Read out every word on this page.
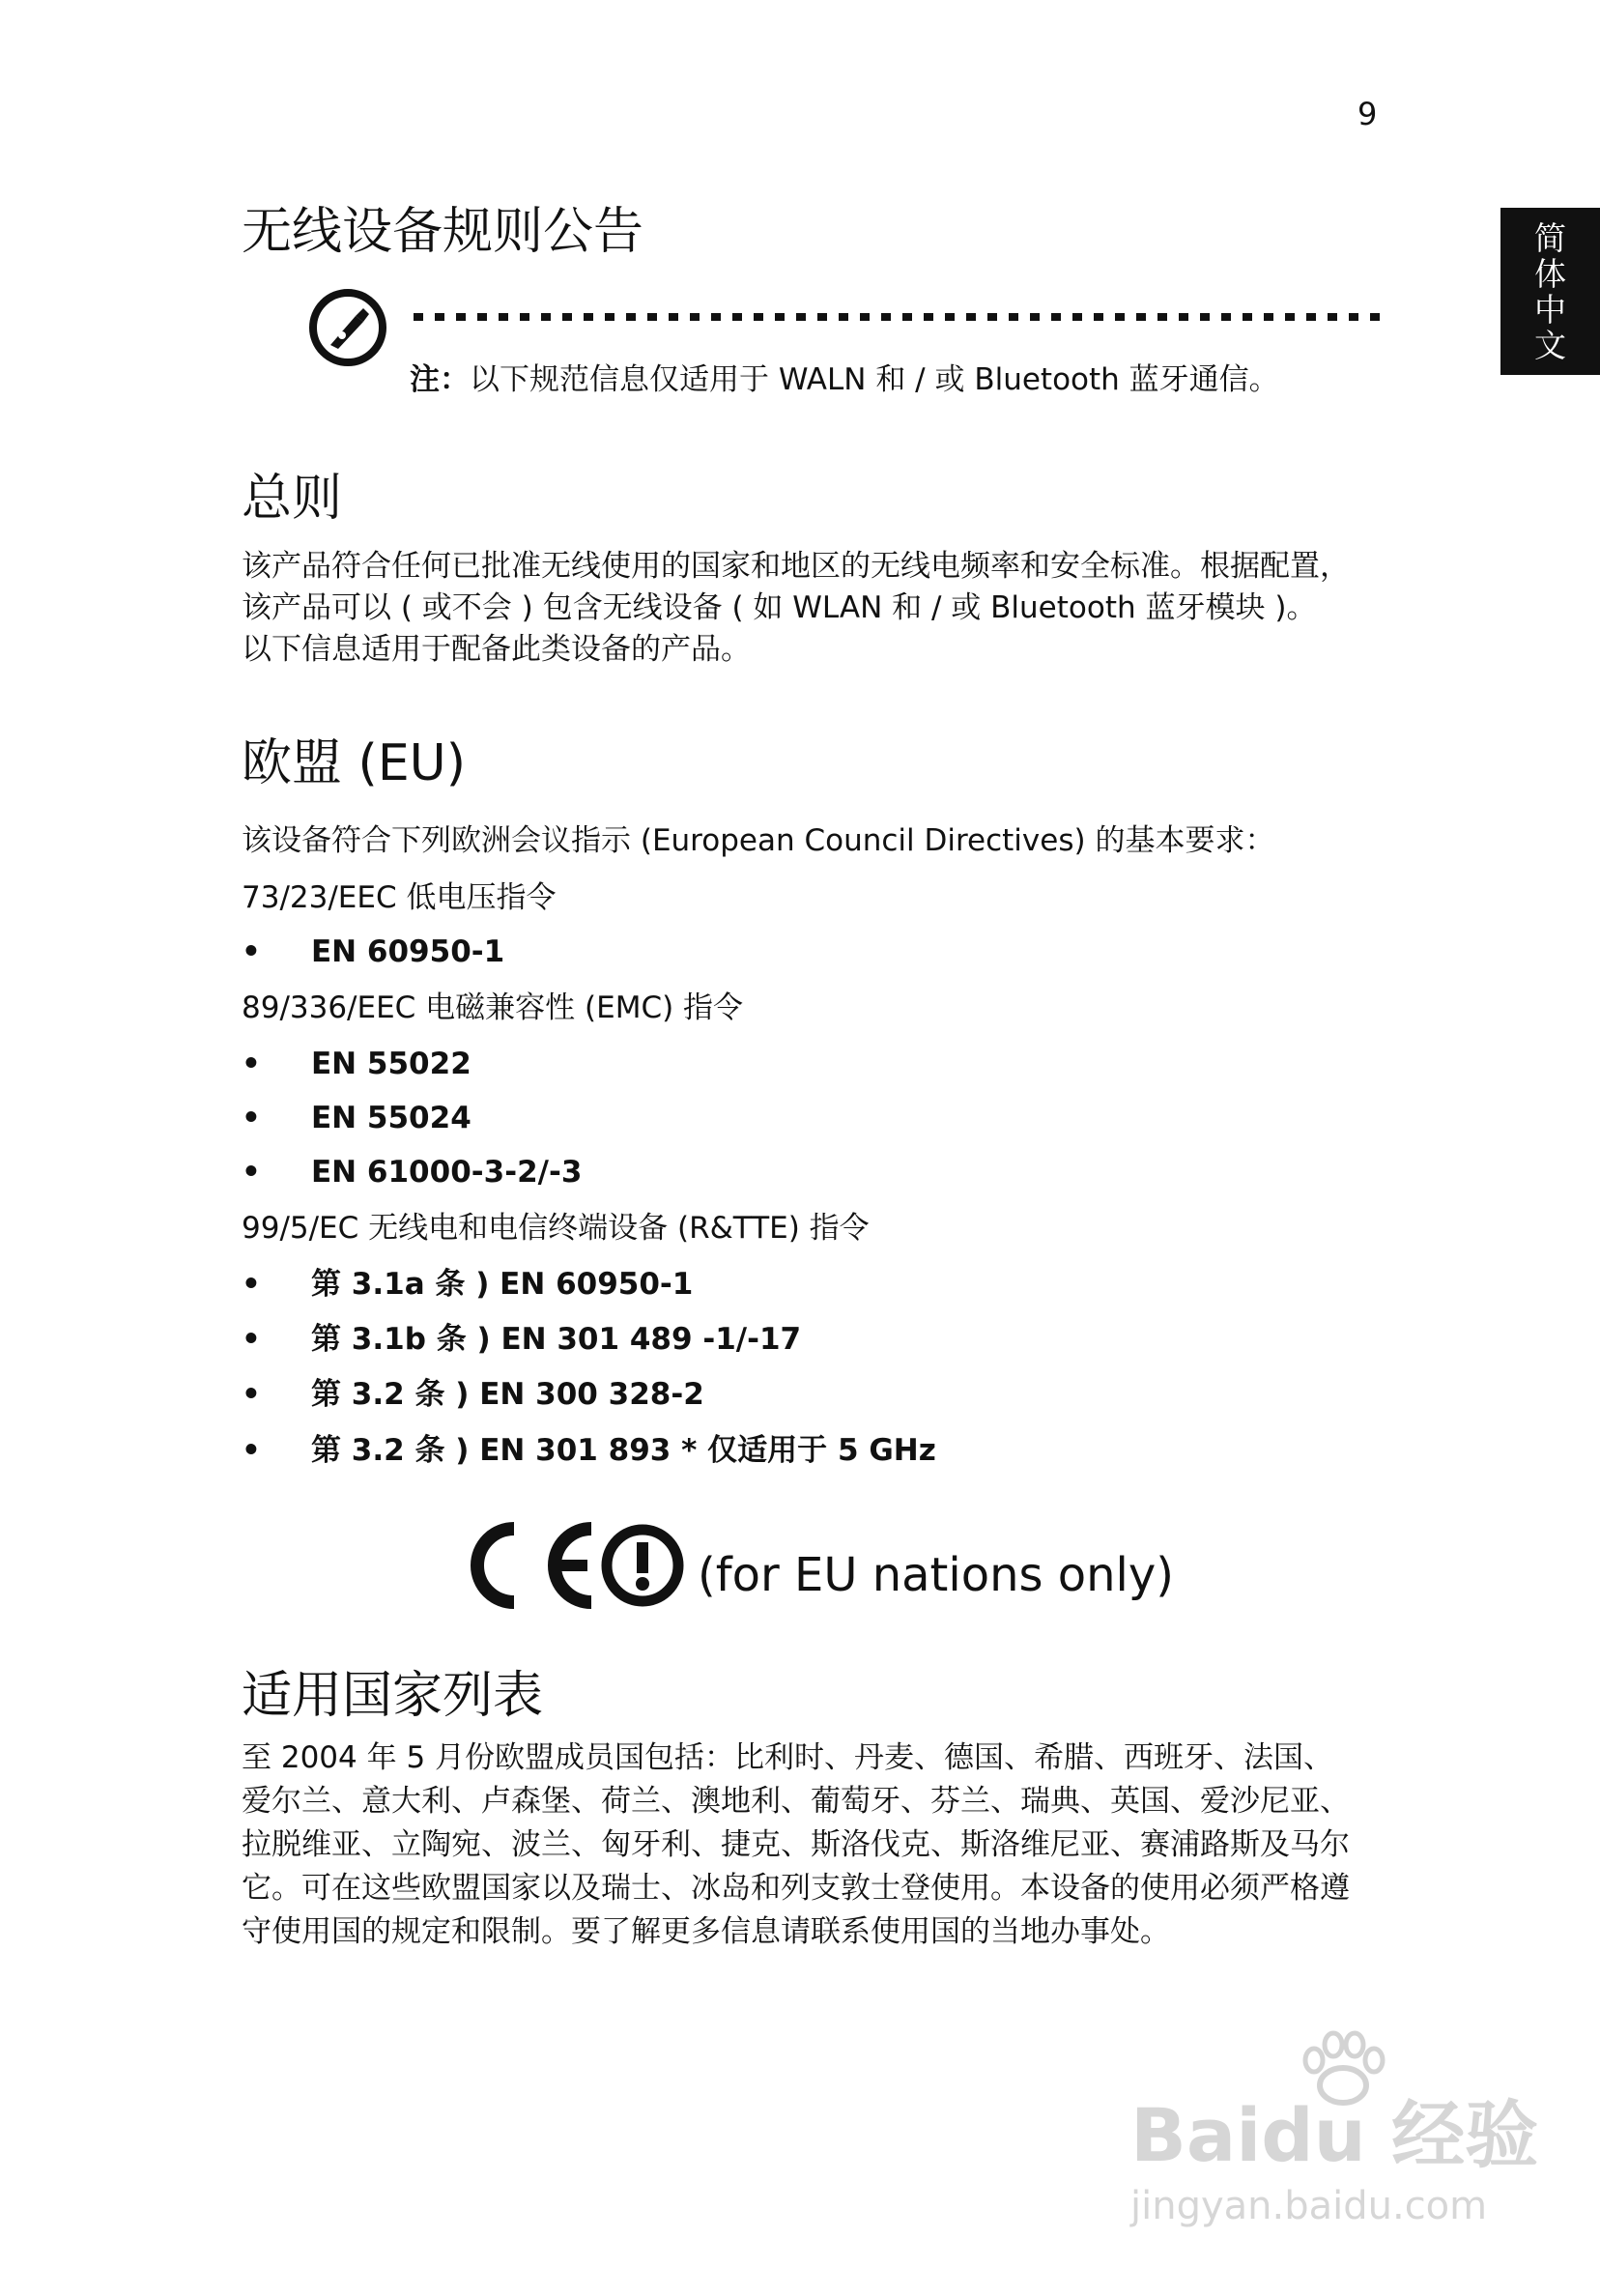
9
简
体
中
文
无线设备规则公告
注：以下规范信息仅适用于 WALN 和 / 或 Bluetooth 蓝牙通信。
总则
该产品符合任何已批准无线使用的国家和地区的无线电频率和安全标准。根据配置，
该产品可以 ( 或不会 ) 包含无线设备 ( 如 WLAN 和 / 或 Bluetooth 蓝牙模块 )。
以下信息适用于配备此类设备的产品。
欧盟 (EU)
该设备符合下列欧洲会议指示 (European Council Directives) 的基本要求：
73/23/EEC 低电压指令
• EN 60950-1
89/336/EEC 电磁兼容性 (EMC) 指令
• EN 55022
• EN 55024
• EN 61000-3-2/-3
99/5/EC 无线电和电信终端设备 (R&TTE) 指令
• 第 3.1a 条 ) EN 60950-1
• 第 3.1b 条 ) EN 301 489 -1/-17
• 第 3.2 条 ) EN 300 328-2
• 第 3.2 条 ) EN 301 893 * 仅适用于 5 GHz
(for EU nations only)
适用国家列表
至 2004 年 5 月份欧盟成员国包括：比利时、丹麦、德国、希腊、西班牙、法国、
爱尔兰、意大利、卢森堡、荷兰、澳地利、葡萄牙、芬兰、瑞典、英国、爱沙尼亚、
拉脱维亚、立陶宛、波兰、匈牙利、捷克、斯洛伐克、斯洛维尼亚、赛浦路斯及马尔
它。可在这些欧盟国家以及瑞士、冰岛和列支敦士登使用。本设备的使用必须严格遵
守使用国的规定和限制。要了解更多信息请联系使用国的当地办事处。
Baidu 经验
jingyan.baidu.com
